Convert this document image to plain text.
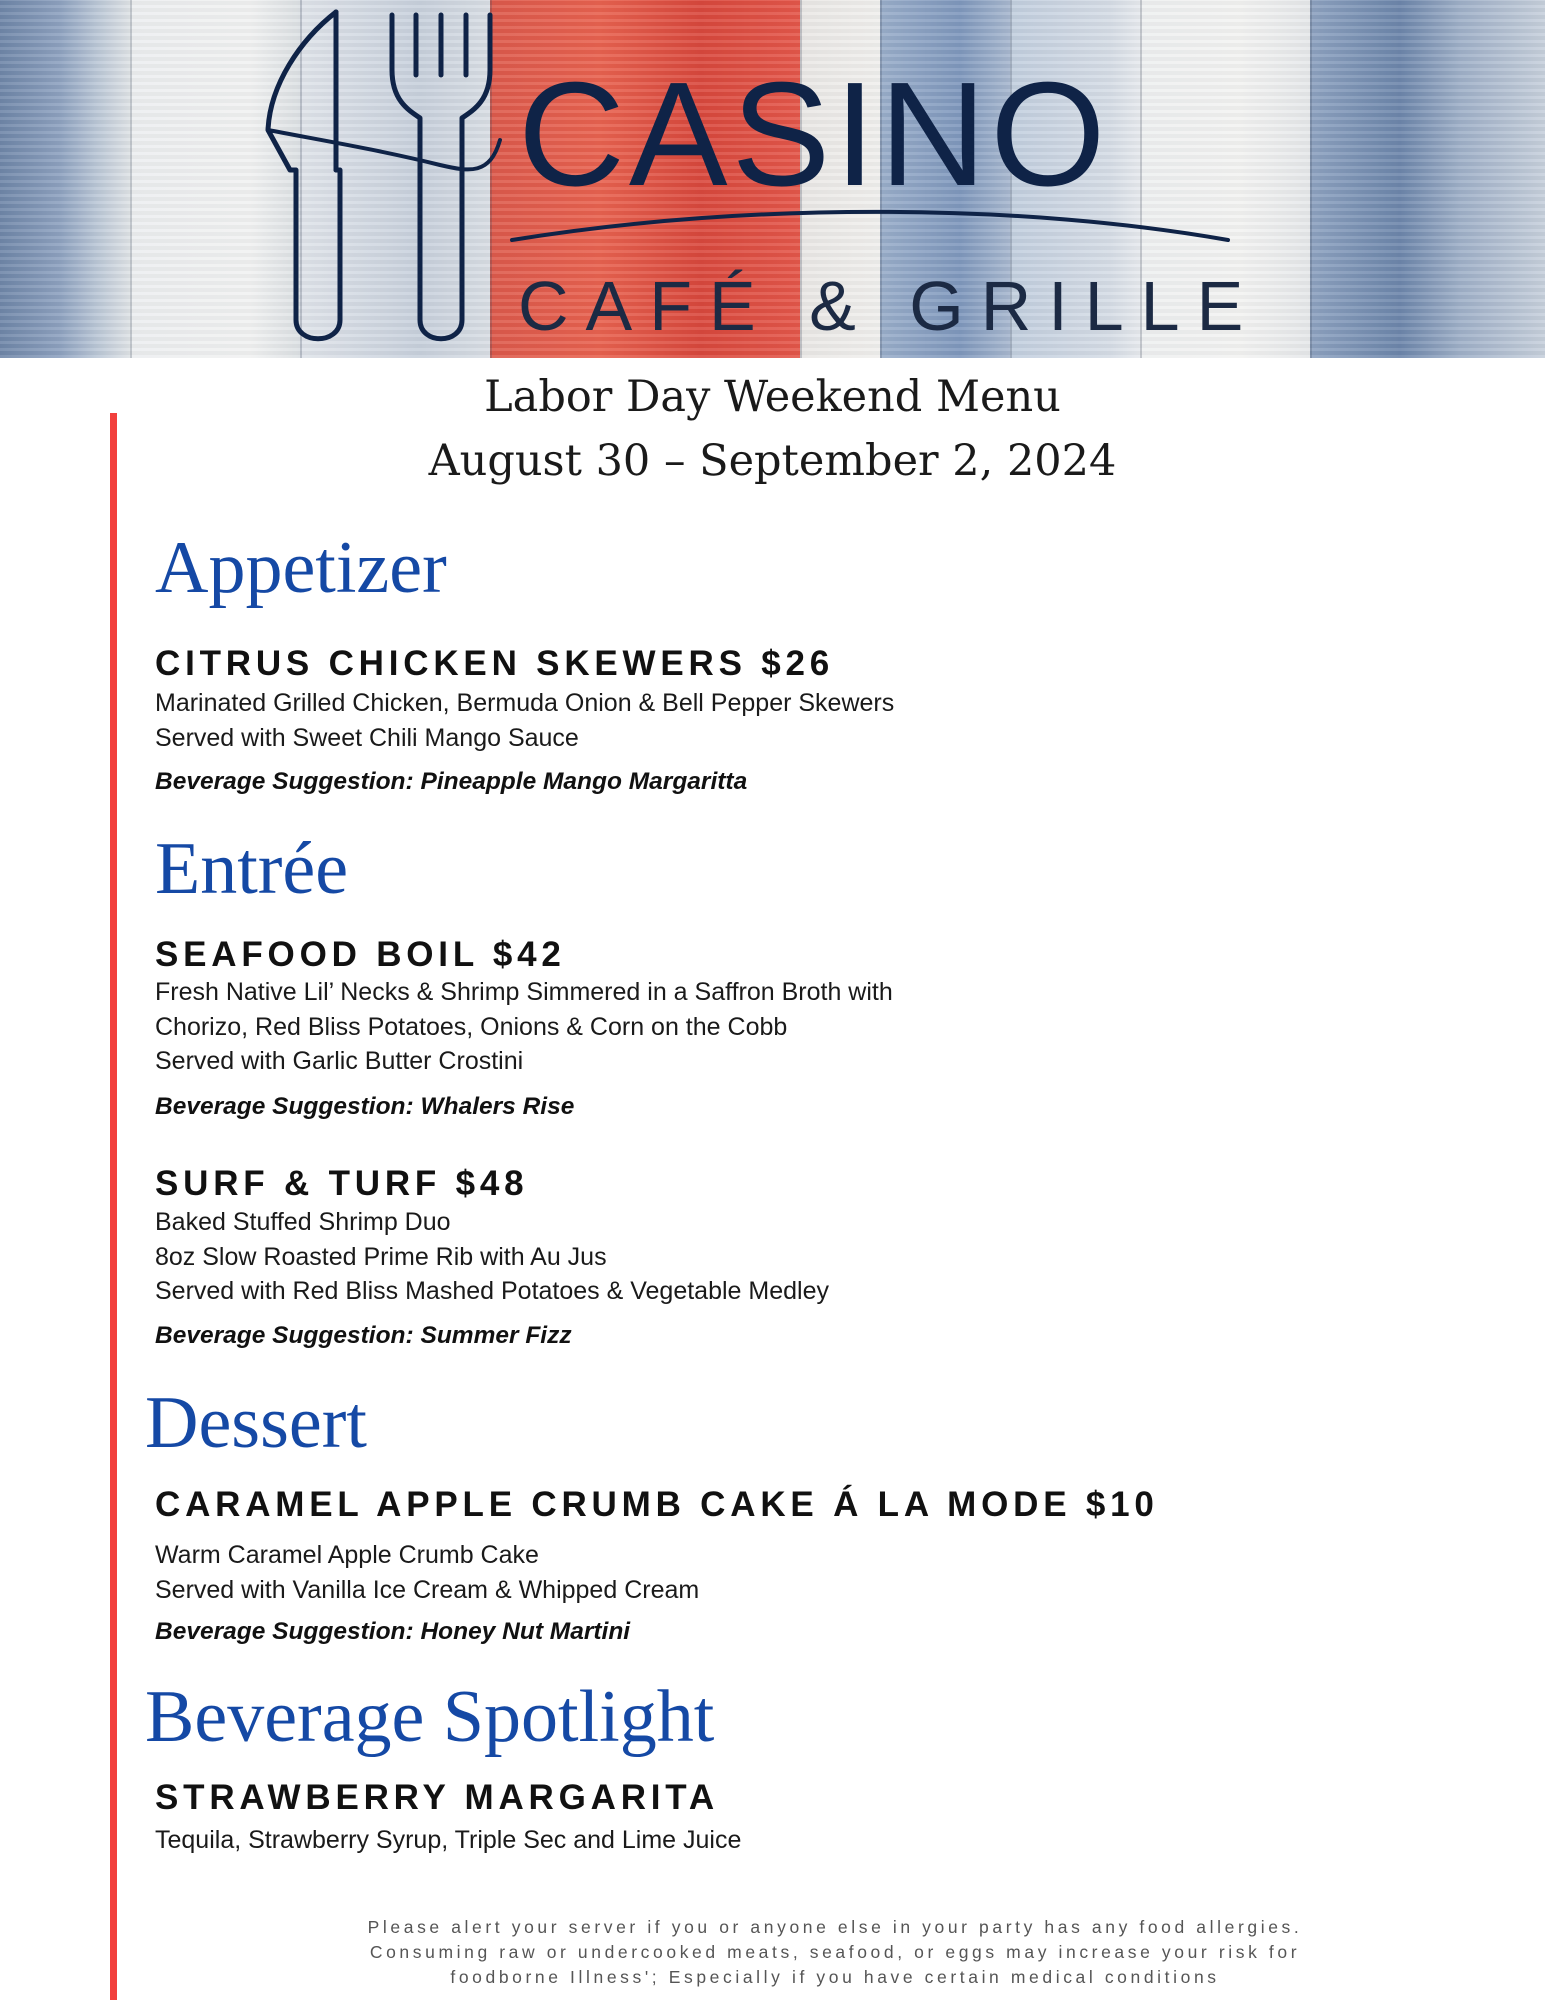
CASINO
CAFÉ & GRILLE
Labor Day Weekend Menu
August 30 – September 2, 2024
Appetizer
CITRUS CHICKEN SKEWERS $26
Marinated Grilled Chicken, Bermuda Onion & Bell Pepper Skewers
Served with Sweet Chili Mango Sauce
Beverage Suggestion: Pineapple Mango Margaritta
Entrée
SEAFOOD BOIL $42
Fresh Native Lil’ Necks & Shrimp Simmered in a Saffron Broth with
Chorizo, Red Bliss Potatoes, Onions & Corn on the Cobb
Served with Garlic Butter Crostini
Beverage Suggestion: Whalers Rise
SURF & TURF $48
Baked Stuffed Shrimp Duo
8oz Slow Roasted Prime Rib with Au Jus
Served with Red Bliss Mashed Potatoes & Vegetable Medley
Beverage Suggestion: Summer Fizz
Dessert
CARAMEL APPLE CRUMB CAKE Á LA MODE $10
Warm Caramel Apple Crumb Cake
Served with Vanilla Ice Cream & Whipped Cream
Beverage Suggestion: Honey Nut Martini
Beverage Spotlight
STRAWBERRY MARGARITA
Tequila, Strawberry Syrup, Triple Sec and Lime Juice
Please alert your server if you or anyone else in your party has any food allergies.
Consuming raw or undercooked meats, seafood, or eggs may increase your risk for
foodborne Illness'; Especially if you have certain medical conditions
